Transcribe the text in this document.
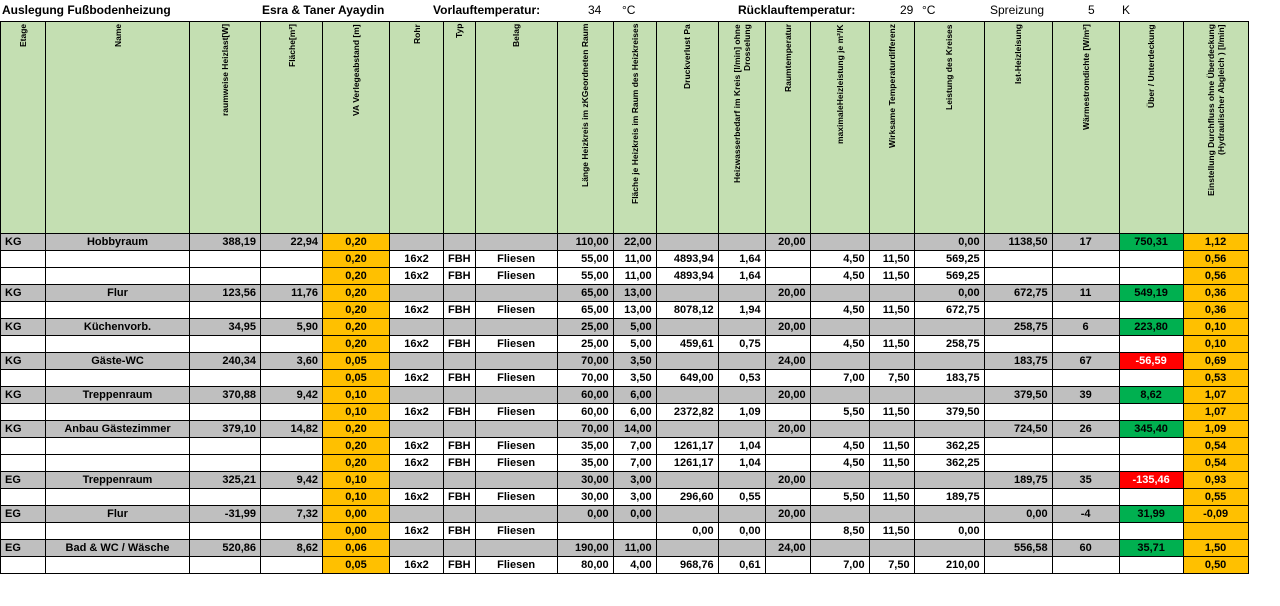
Auslegung Fußbodenheizung	Esra & Taner Ayaydin	Vorlauftemperatur:	34 °C	Rücklauftemperatur:	29 °C	Spreizung	5 K
Etage	Name	raumweise Heizlast[W]	Fläche[m²]	VA Verlegeabstand [m]	Rohr	Typ	Belag	Länge Heizkreis im zKGeordneten Raum	Fläche je Heizkreis im Raum des Heizkreises	Druckverlust Pa	Heizwasserbedarf im Kreis [l/min] ohne Drosselung	Raumtemperatur	maximaleHeizleistung je m²/K	Wirksame Temperaturdifferenz	Leistung des Kreises	Ist-Heizleisung	Wärmestromdichte [W/m²]	Über / Unterdeckung	Einstellung Durchfluss ohne Überdeckung (Hydraulischer Abgleich ) [l/min]

KG	Hobbyraum	388,19	22,94	0,20				110,00	22,00			20,00			0,00	1138,50	17	750,31	1,12
				0,20	16x2	FBH	Fliesen	55,00	11,00	4893,94	1,64		4,50	11,50	569,25				0,56
				0,20	16x2	FBH	Fliesen	55,00	11,00	4893,94	1,64		4,50	11,50	569,25				0,56
KG	Flur	123,56	11,76	0,20				65,00	13,00			20,00			0,00	672,75	11	549,19	0,36
				0,20	16x2	FBH	Fliesen	65,00	13,00	8078,12	1,94		4,50	11,50	672,75				0,36
KG	Küchenvorb.	34,95	5,90	0,20				25,00	5,00			20,00				258,75	6	223,80	0,10
				0,20	16x2	FBH	Fliesen	25,00	5,00	459,61	0,75		4,50	11,50	258,75				0,10
KG	Gäste-WC	240,34	3,60	0,05				70,00	3,50			24,00				183,75	67	-56,59	0,69
				0,05	16x2	FBH	Fliesen	70,00	3,50	649,00	0,53		7,00	7,50	183,75				0,53
KG	Treppenraum	370,88	9,42	0,10				60,00	6,00			20,00				379,50	39	8,62	1,07
				0,10	16x2	FBH	Fliesen	60,00	6,00	2372,82	1,09		5,50	11,50	379,50				1,07
KG	Anbau Gästezimmer	379,10	14,82	0,20				70,00	14,00			20,00				724,50	26	345,40	1,09
				0,20	16x2	FBH	Fliesen	35,00	7,00	1261,17	1,04		4,50	11,50	362,25				0,54
				0,20	16x2	FBH	Fliesen	35,00	7,00	1261,17	1,04		4,50	11,50	362,25				0,54
EG	Treppenraum	325,21	9,42	0,10				30,00	3,00			20,00				189,75	35	-135,46	0,93
				0,10	16x2	FBH	Fliesen	30,00	3,00	296,60	0,55		5,50	11,50	189,75				0,55
EG	Flur	-31,99	7,32	0,00				0,00	0,00			20,00				0,00	-4	31,99	-0,09
				0,00	16x2	FBH	Fliesen			0,00	0,00		8,50	11,50	0,00				
EG	Bad & WC / Wäsche	520,86	8,62	0,06				190,00	11,00			24,00				556,58	60	35,71	1,50
				0,05	16x2	FBH	Fliesen	80,00	4,00	968,76	0,61		7,00	7,50	210,00				0,50
